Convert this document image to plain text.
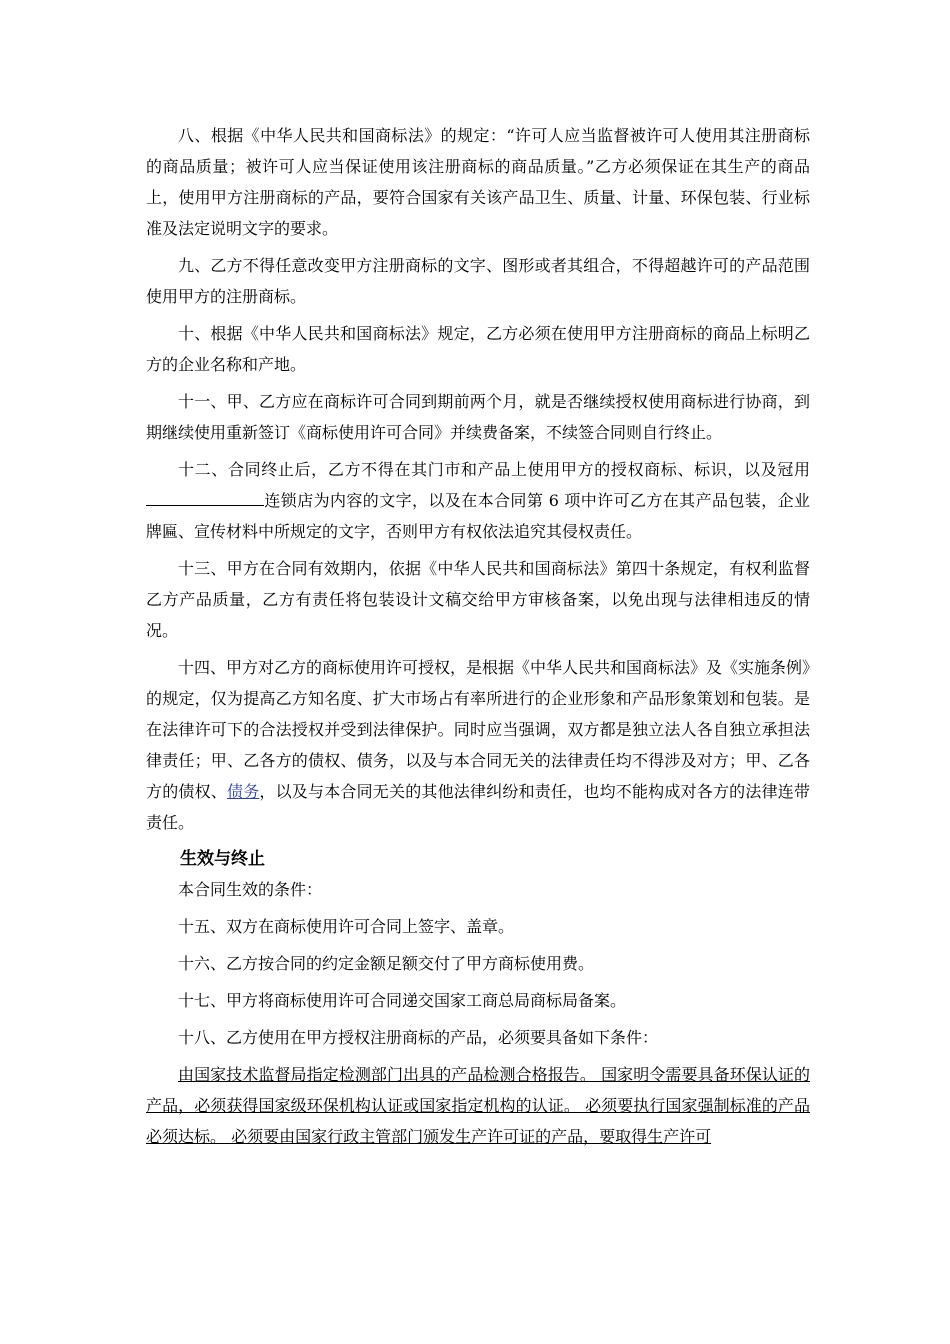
八、根据《中华人民共和国商标法》的规定：“许可人应当监督被许可人使用其注册商标的商品质量；被许可人应当保证使用该注册商标的商品质量。”乙方必须保证在其生产的商品上，使用甲方注册商标的产品，要符合国家有关该产品卫生、质量、计量、环保包装、行业标准及法定说明文字的要求。

九、乙方不得任意改变甲方注册商标的文字、图形或者其组合，不得超越许可的产品范围使用甲方的注册商标。

十、根据《中华人民共和国商标法》规定，乙方必须在使用甲方注册商标的商品上标明乙方的企业名称和产地。

十一、甲、乙方应在商标许可合同到期前两个月，就是否继续授权使用商标进行协商，到期继续使用重新签订《商标使用许可合同》并续费备案，不续签合同则自行终止。

十二、合同终止后，乙方不得在其门市和产品上使用甲方的授权商标、标识，以及冠用连锁店为内容的文字，以及在本合同第 6 项中许可乙方在其产品包装，企业牌匾、宣传材料中所规定的文字，否则甲方有权依法追究其侵权责任。

十三、甲方在合同有效期内，依据《中华人民共和国商标法》第四十条规定，有权利监督乙方产品质量，乙方有责任将包装设计文稿交给甲方审核备案，以免出现与法律相违反的情况。

十四、甲方对乙方的商标使用许可授权，是根据《中华人民共和国商标法》及《实施条例》的规定，仅为提高乙方知名度、扩大市场占有率所进行的企业形象和产品形象策划和包装。是在法律许可下的合法授权并受到法律保护。同时应当强调，双方都是独立法人各自独立承担法律责任；甲、乙各方的债权、债务，以及与本合同无关的法律责任均不得涉及对方；甲、乙各方的债权、债务，以及与本合同无关的其他法律纠纷和责任，也均不能构成对各方的法律连带责任。

生效与终止

本合同生效的条件：

十五、双方在商标使用许可合同上签字、盖章。

十六、乙方按合同的约定金额足额交付了甲方商标使用费。

十七、甲方将商标使用许可合同递交国家工商总局商标局备案。

十八、乙方使用在甲方授权注册商标的产品，必须要具备如下条件：

由国家技术监督局指定检测部门出具的产品检测合格报告。 国家明令需要具备环保认证的产品，必须获得国家级环保机构认证或国家指定机构的认证。 必须要执行国家强制标准的产品必须达标。 必须要由国家行政主管部门颁发生产许可证的产品，要取得生产许可
